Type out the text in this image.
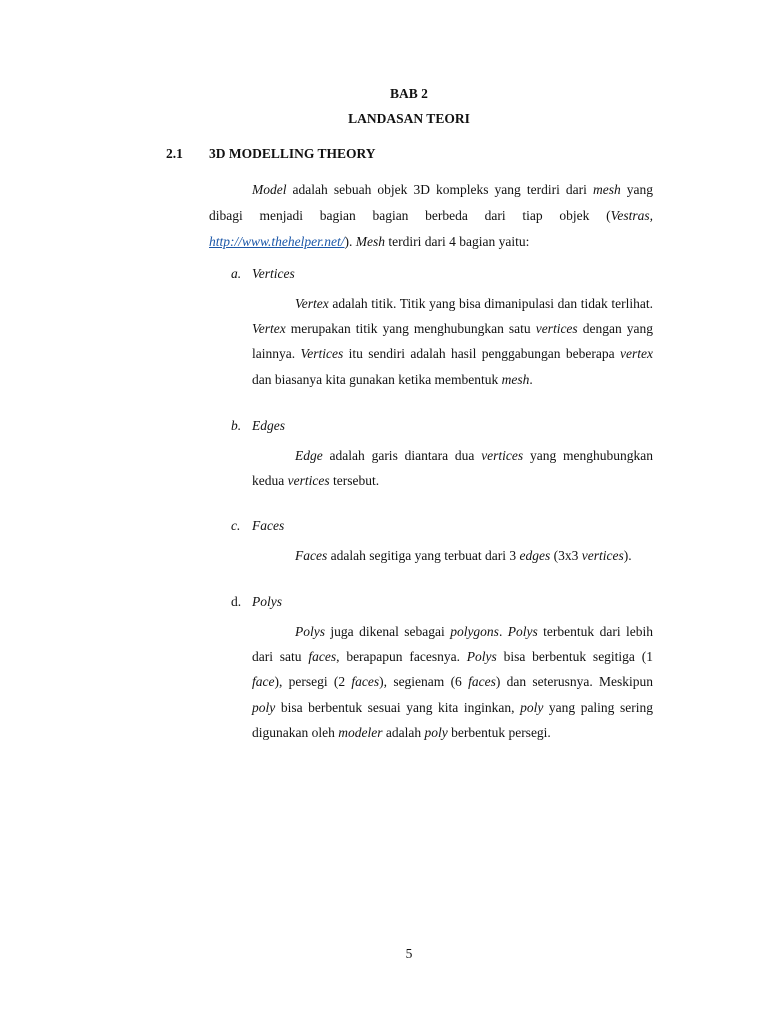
BAB 2
LANDASAN TEORI
2.1 3D MODELLING THEORY

Model adalah sebuah objek 3D kompleks yang terdiri dari mesh yang dibagi menjadi bagian bagian berbeda dari tiap objek (Vestras, http://www.thehelper.net/). Mesh terdiri dari 4 bagian yaitu:

a. Vertices

Vertex adalah titik. Titik yang bisa dimanipulasi dan tidak terlihat. Vertex merupakan titik yang menghubungkan satu vertices dengan yang lainnya. Vertices itu sendiri adalah hasil penggabungan beberapa vertex dan biasanya kita gunakan ketika membentuk mesh.

b. Edges

Edge adalah garis diantara dua vertices yang menghubungkan kedua vertices tersebut.

c. Faces

Faces adalah segitiga yang terbuat dari 3 edges (3x3 vertices).

d. Polys

Polys juga dikenal sebagai polygons. Polys terbentuk dari lebih dari satu faces, berapapun facesnya. Polys bisa berbentuk segitiga (1 face), persegi (2 faces), segienam (6 faces) dan seterusnya. Meskipun poly bisa berbentuk sesuai yang kita inginkan, poly yang paling sering digunakan oleh modeler adalah poly berbentuk persegi.

5
